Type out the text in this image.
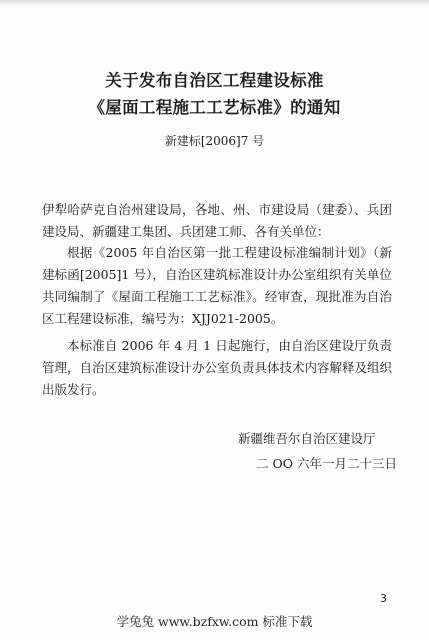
关于发布自治区工程建设标准
《屋面工程施工工艺标准》的通知
新建标[2006]7 号

伊犁哈萨克自治州建设局，各地、州、市建设局（建委）、兵团建设局、新疆建工集团、兵团建工师、各有关单位：

根据《2005 年自治区第一批工程建设标准编制计划》（新建标函[2005]1 号），自治区建筑标准设计办公室组织有关单位共同编制了《屋面工程施工工艺标准》。经审查，现批准为自治区工程建设标准，编号为：XJJ021-2005。

本标准自 2006 年 4 月 1 日起施行，由自治区建设厅负责管理，自治区建筑标准设计办公室负责具体技术内容解释及组织出版发行。

新疆维吾尔自治区建设厅
二 OO 六年一月二十三日
3
学兔兔 www.bzfxw.com 标准下载
